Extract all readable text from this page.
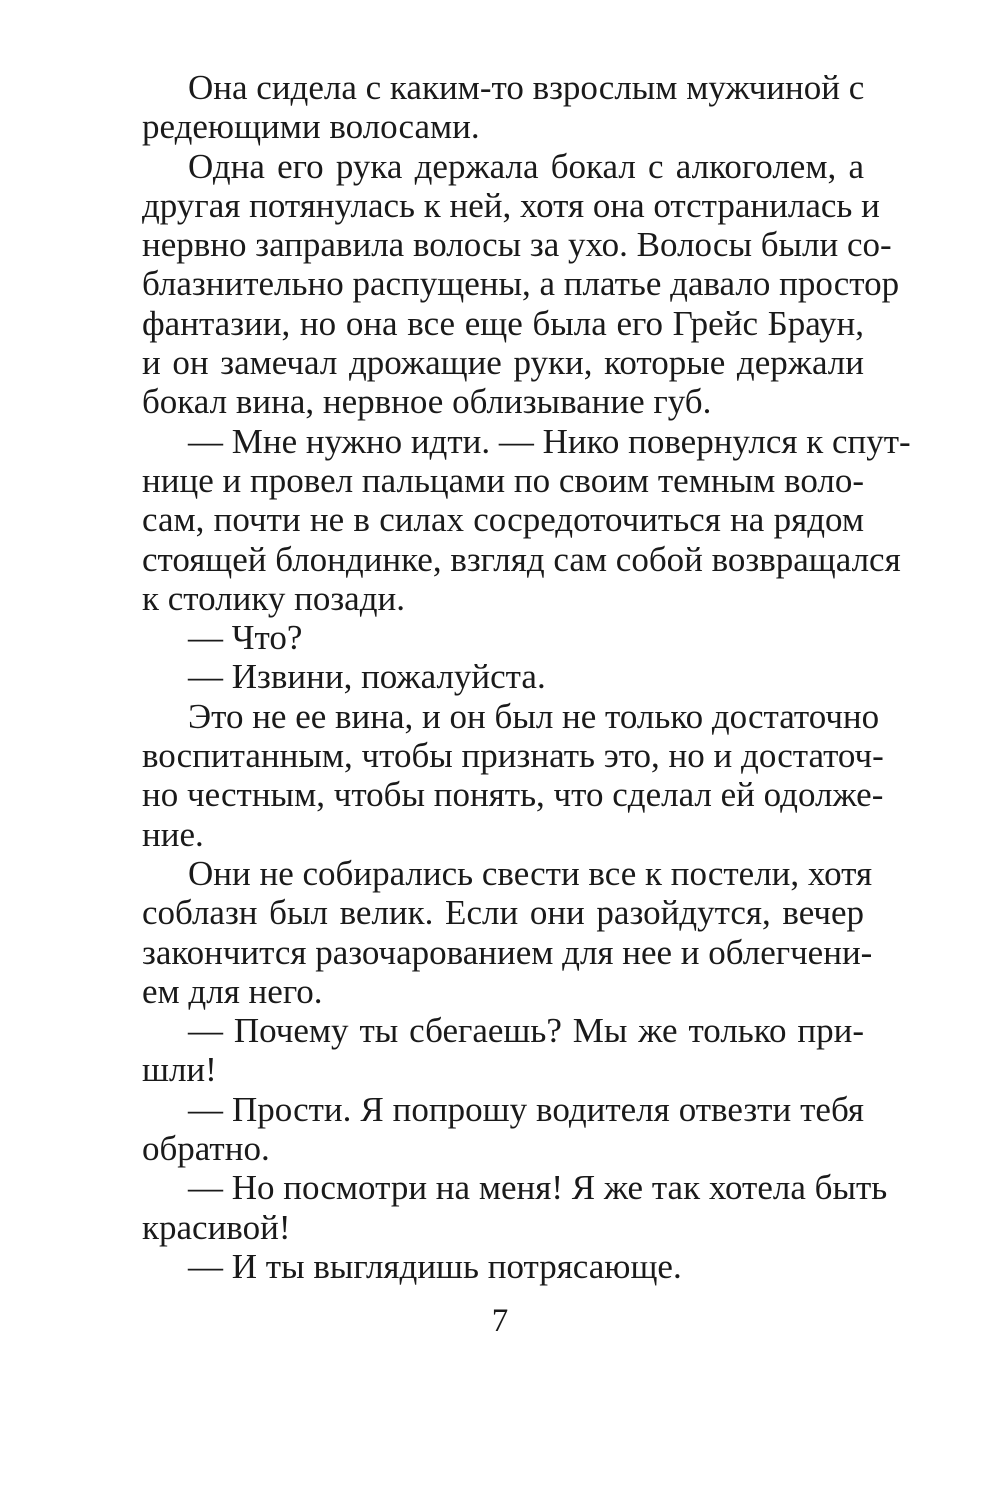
Она сидела с каким-то взрослым мужчиной с
редеющими волосами.

Одна его рука держала бокал с алкоголем, а
другая потянулась к ней, хотя она отстранилась и
нервно заправила волосы за ухо. Волосы были со-
блазнительно распущены, а платье давало простор
фантазии, но она все еще была его Грейс Браун,
и он замечал дрожащие руки, которые держали
бокал вина, нервное облизывание губ.

— Мне нужно идти. — Нико повернулся к спут-
нице и провел пальцами по своим темным воло-
сам, почти не в силах сосредоточиться на рядом
стоящей блондинке, взгляд сам собой возвращался
к столику позади.

— Что?

— Извини, пожалуйста.

Это не ее вина, и он был не только достаточно
воспитанным, чтобы признать это, но и достаточ-
но честным, чтобы понять, что сделал ей одолже-
ние.

Они не собирались свести все к постели, хотя
соблазн был велик. Если они разойдутся, вечер
закончится разочарованием для нее и облегчени-
ем для него.

— Почему ты сбегаешь? Мы же только при-
шли!

— Прости. Я попрошу водителя отвезти тебя
обратно.

— Но посмотри на меня! Я же так хотела быть
красивой!

— И ты выглядишь потрясающе.

7
